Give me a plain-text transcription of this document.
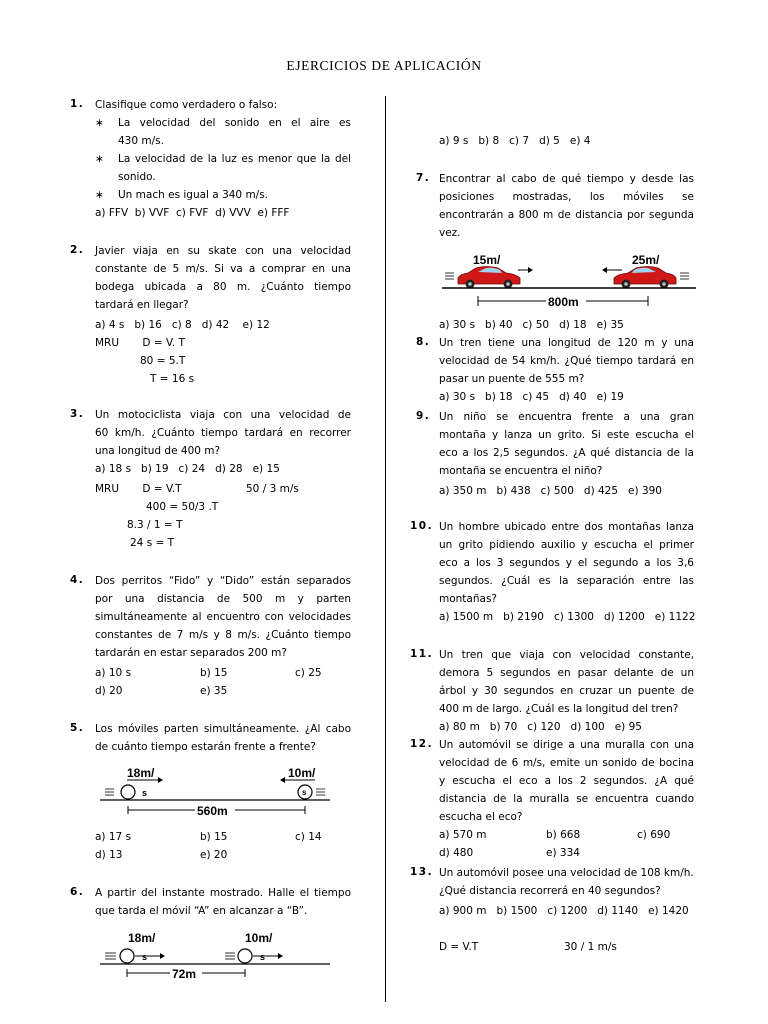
EJERCICIOS DE APLICACIÓN
1. Clasifique como verdadero o falso:
∗ La velocidad del sonido en el aire es
430 m/s.
∗ La velocidad de la luz es menor que la del
sonido.
∗ Un mach es igual a 340 m/s.
a) FFV  b) VVF  c) FVF  d) VVV  e) FFF
2. Javier viaja en su skate con una velocidad
constante de 5 m/s. Si va a comprar en una
bodega ubicada a 80 m. ¿Cuánto tiempo
tardará en llegar?
a) 4 s   b) 16   c) 8   d) 42    e) 12
MRU       D = V. T
80 = 5.T
T = 16 s
3. Un motociclista viaja con una velocidad de
60 km/h. ¿Cuánto tiempo tardará en recorrer
una longitud de 400 m?
a) 18 s   b) 19   c) 24   d) 28   e) 15
MRU       D = V.T	50 / 3 m/s
400 = 50/3 .T
8.3 / 1 = T
24 s = T
4. Dos perritos “Fido” y “Dido” están separados
por una distancia de 500 m y parten
simultáneamente al encuentro con velocidades
constantes de 7 m/s y 8 m/s. ¿Cuánto tiempo
tardarán en estar separados 200 m?
a) 10 s	b) 15	c) 25
d) 20	e) 35
5. Los móviles parten simultáneamente. ¿Al cabo
de cuánto tiempo estarán frente a frente?
18m/	10m/
s	s
560m
a) 17 s	b) 15	c) 14
d) 13	e) 20
6. A partir del instante mostrado. Halle el tiempo
que tarda el móvil “A” en alcanzar a “B”.
18m/	10m/
s	s
72m
a) 9 s   b) 8   c) 7   d) 5   e) 4
7. Encontrar al cabo de qué tiempo y desde las
posiciones mostradas, los móviles se
encontrarán a 800 m de distancia por segunda
vez.
15m/	25m/
800m
a) 30 s   b) 40   c) 50   d) 18   e) 35
8. Un tren tiene una longitud de 120 m y una
velocidad de 54 km/h. ¿Qué tiempo tardará en
pasar un puente de 555 m?
a) 30 s   b) 18   c) 45   d) 40   e) 19
9. Un niño se encuentra frente a una gran
montaña y lanza un grito. Si este escucha el
eco a los 2,5 segundos. ¿A qué distancia de la
montaña se encuentra el niño?
a) 350 m   b) 438   c) 500   d) 425   e) 390
10. Un hombre ubicado entre dos montañas lanza
un grito pidiendo auxilio y escucha el primer
eco a los 3 segundos y el segundo a los 3,6
segundos. ¿Cuál es la separación entre las
montañas?
a) 1500 m   b) 2190   c) 1300   d) 1200   e) 1122
11. Un tren que viaja con velocidad constante,
demora 5 segundos en pasar delante de un
árbol y 30 segundos en cruzar un puente de
400 m de largo. ¿Cuál es la longitud del tren?
a) 80 m   b) 70   c) 120   d) 100   e) 95
12. Un automóvil se dirige a una muralla con una
velocidad de 6 m/s, emite un sonido de bocina
y escucha el eco a los 2 segundos. ¿A qué
distancia de la muralla se encuentra cuando
escucha el eco?
a) 570 m	b) 668	c) 690
d) 480	e) 334
13. Un automóvil posee una velocidad de 108 km/h.
¿Qué distancia recorrerá en 40 segundos?
a) 900 m   b) 1500   c) 1200   d) 1140   e) 1420
D = V.T	30 / 1 m/s
